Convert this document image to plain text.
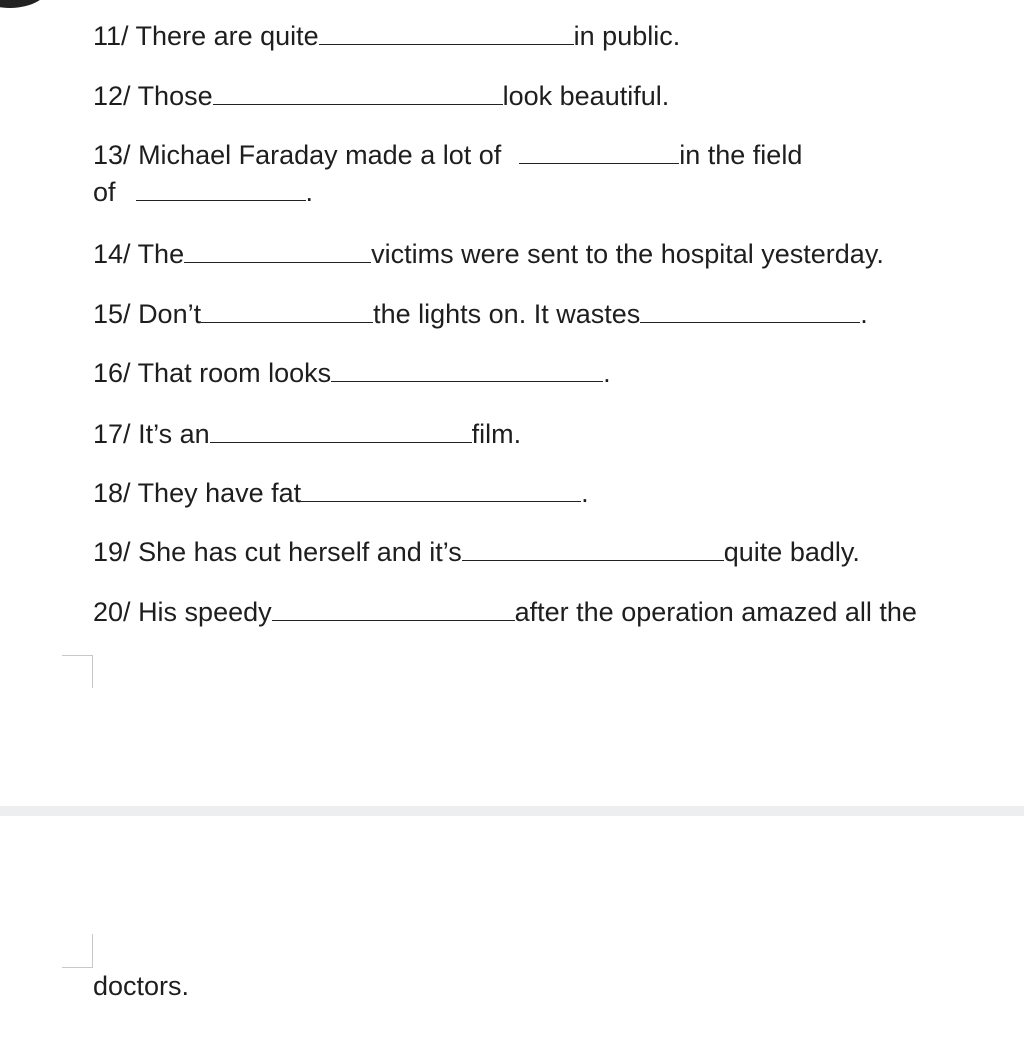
11/ There are quite	in public.
12/ Those	look beautiful.
13/ Michael Faraday made a lot of	in the field
of	.
14/ The	victims were sent to the hospital yesterday.
15/ Don’t	the lights on. It wastes	.
16/ That room looks	.
17/ It’s an	film.
18/ They have fat	.
19/ She has cut herself and it’s	quite badly.
20/ His speedy	after the operation amazed all the
doctors.
